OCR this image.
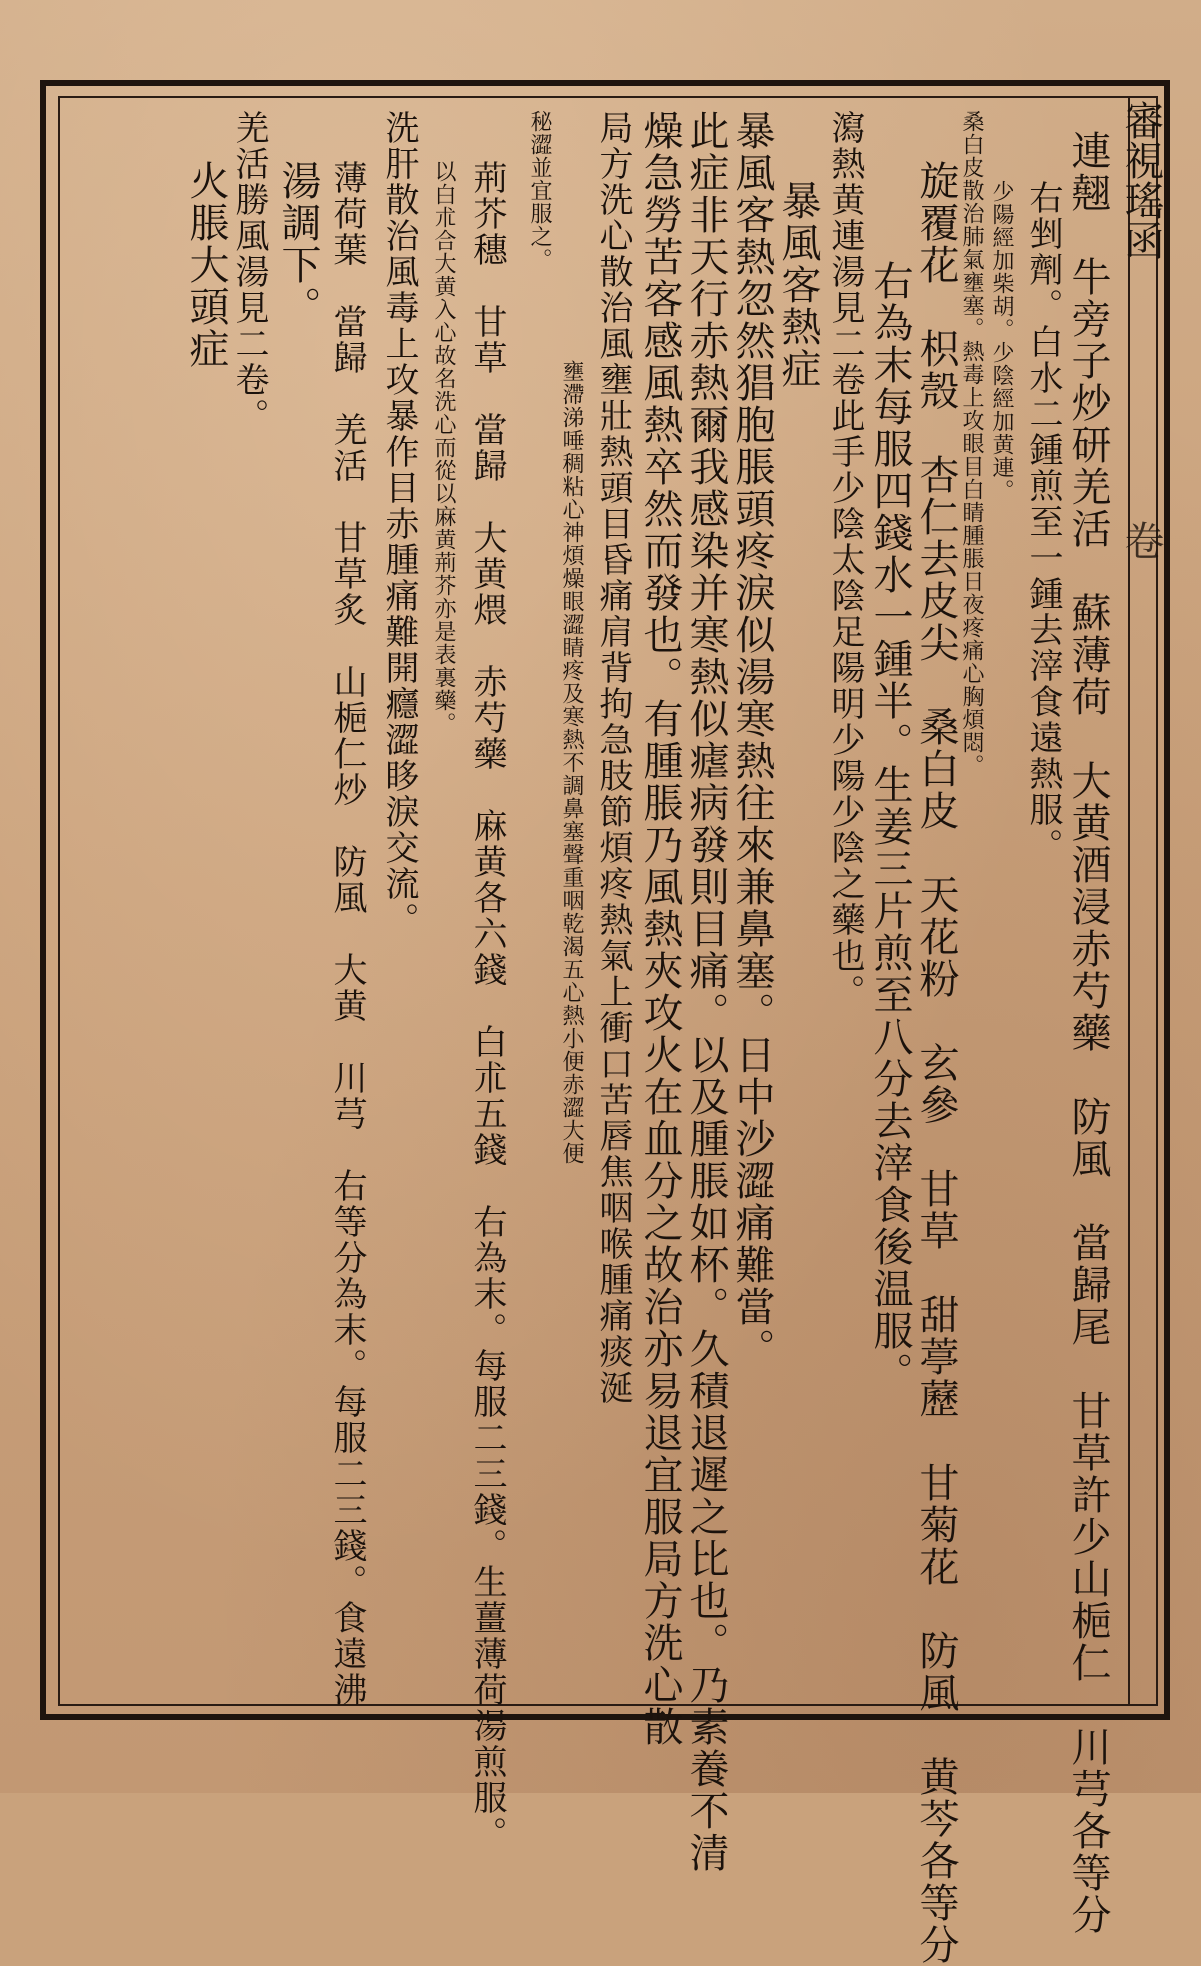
審視瑤函
卷
連翹　牛旁子炒研羌活　蘇薄荷　大黄酒浸赤芍藥　防風　當歸尾　甘草許少山梔仁　川芎各等分
右剉劑。白水二鍾煎至一鍾去滓食遠熱服。
少陽經加柴胡。少陰經加黄連。
桑白皮散治肺氣壅塞。熱毒上攻眼目白睛腫脹日夜疼痛心胸煩悶。
旋覆花　枳殼　杏仁去皮尖　桑白皮　天花粉　玄參　甘草　甜葶藶　甘菊花　防風　黄芩各等分
右為末每服四錢水一鍾半。生姜三片煎至八分去滓食後温服。
瀉熱黄連湯見二卷此手少陰太陰足陽明少陽少陰之藥也。
暴風客熱症
暴風客熱忽然猖胞脹頭疼淚似湯寒熱往來兼鼻塞。日中沙澀痛難當。
此症非天行赤熱爾我感染并寒熱似瘧病發則目痛。以及腫脹如杯。久積退遲之比也。乃素養不清
燥急勞苦客感風熱卒然而發也。有腫脹乃風熱夾攻火在血分之故治亦易退宜服局方洗心散
局方洗心散治風壅壯熱頭目昏痛肩背拘急肢節煩疼熱氣上衝口苦唇焦咽喉腫痛痰涎
壅滯涕唾稠粘心神煩燥眼澀睛疼及寒熱不調鼻塞聲重咽乾渴五心熱小便赤澀大便
秘澀並宜服之。
荊芥穗　甘草　當歸　大黄煨　赤芍藥　麻黄各六錢　白朮五錢　右為末。每服二三錢。生薑薄荷湯煎服。
以白朮合大黄入心故名洗心而從以麻黄荊芥亦是表裏藥。
洗肝散治風毒上攻暴作目赤腫痛難開癮澀眵淚交流。
薄荷葉　當歸　羌活　甘草炙　山梔仁炒　防風　大黄　川芎　右等分為末。每服二三錢。食遠沸
湯調下。
羌活勝風湯見二卷。
火脹大頭症
